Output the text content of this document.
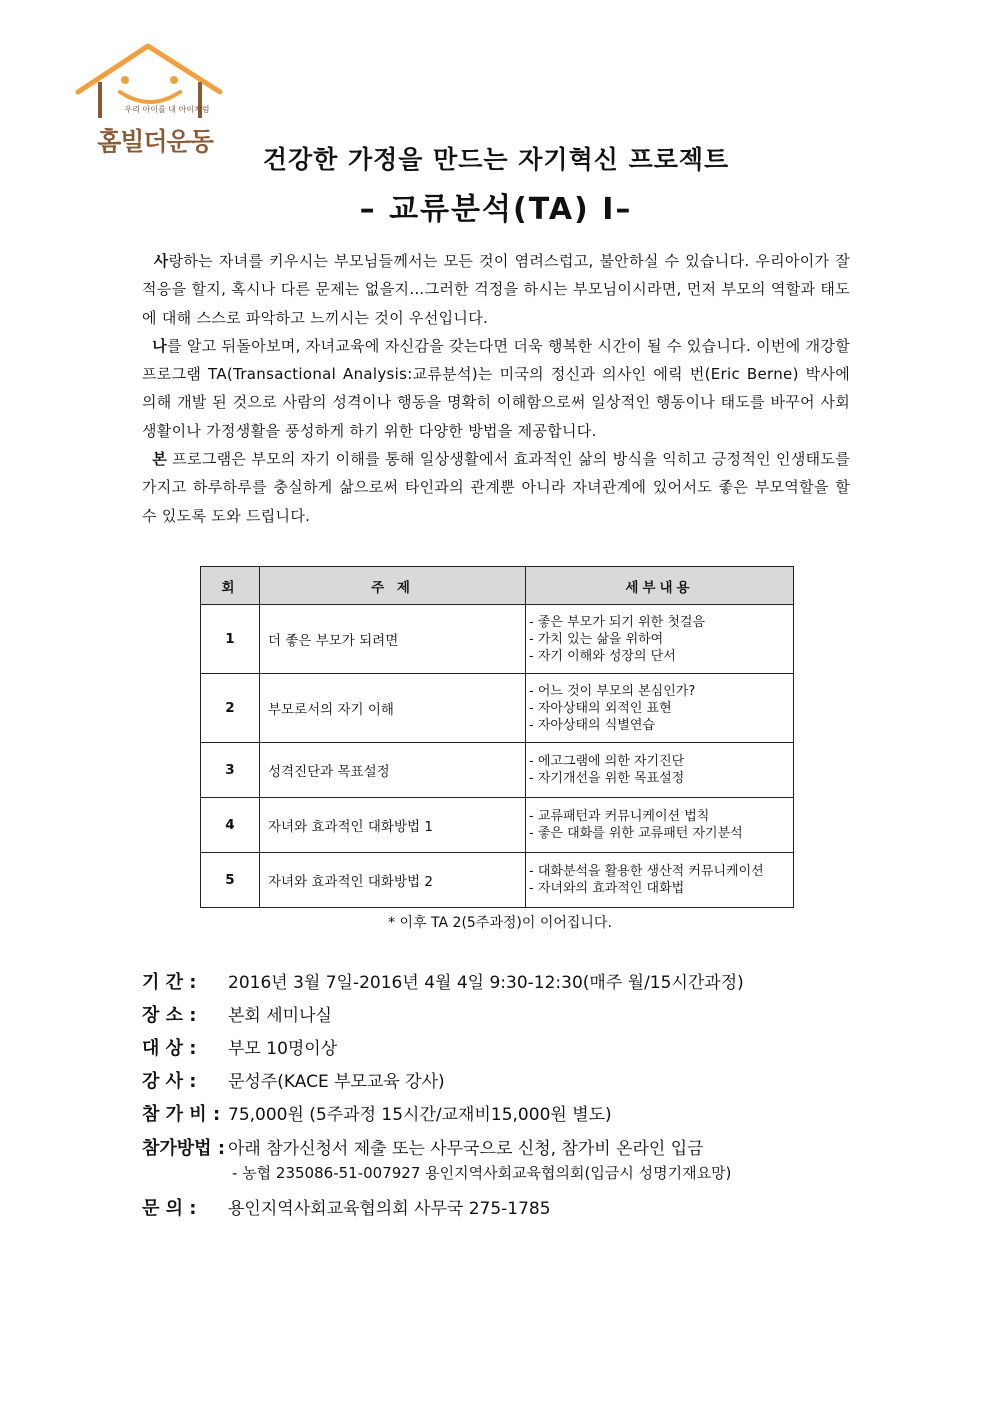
우리 아이를 내 아이처럼
홈빌더운동
건강한 가정을 만드는 자기혁신 프로젝트
– 교류분석(TA) Ⅰ–

사랑하는 자녀를 키우시는 부모님들께서는 모든 것이 염려스럽고, 불안하실 수 있습니다. 우리아이가 잘 적응을 할지, 혹시나 다른 문제는 없을지…그러한 걱정을 하시는 부모님이시라면, 먼저 부모의 역할과 태도에 대해 스스로 파악하고 느끼시는 것이 우선입니다.

나를 알고 뒤돌아보며, 자녀교육에 자신감을 갖는다면 더욱 행복한 시간이 될 수 있습니다. 이번에 개강할 프로그램 TA(Transactional Analysis:교류분석)는 미국의 정신과 의사인 에릭 번(Eric Berne) 박사에 의해 개발 된 것으로 사람의 성격이나 행동을 명확히 이해함으로써 일상적인 행동이나 태도를 바꾸어 사회생활이나 가정생활을 풍성하게 하기 위한 다양한 방법을 제공합니다.

본 프로그램은 부모의 자기 이해를 통해 일상생활에서 효과적인 삶의 방식을 익히고 긍정적인 인생태도를 가지고 하루하루를 충실하게 삶으로써 타인과의 관계뿐 아니라 자녀관계에 있어서도 좋은 부모역할을 할 수 있도록 도와 드립니다.

회	주 제	세부내용
1	더 좋은 부모가 되려면	- 좋은 부모가 되기 위한 첫걸음
- 가치 있는 삶을 위하여
- 자기 이해와 성장의 단서

2	부모로서의 자기 이해	- 어느 것이 부모의 본심인가?
- 자아상태의 외적인 표현
- 자아상태의 식별연습

3	성격진단과 목표설정	- 에고그램에 의한 자기진단
- 자기개선을 위한 목표설정

4	자녀와 효과적인 대화방법 1	- 교류패턴과 커뮤니케이션 법칙
- 좋은 대화를 위한 교류패턴 자기분석

5	자녀와 효과적인 대화방법 2	- 대화분석을 활용한 생산적 커뮤니케이션
- 자녀와의 효과적인 대화법
* 이후 TA 2(5주과정)이 이어집니다.
기 간 : 2016년 3월 7일-2016년 4월 4일 9:30-12:30(매주 월/15시간과정)
장 소 : 본회 세미나실
대 상 : 부모 10명이상
강 사 : 문성주(KACE 부모교육 강사)
참 가 비 : 75,000원 (5주과정 15시간/교재비15,000원 별도)
참가방법 : 아래 참가신청서 제출 또는 사무국으로 신청, 참가비 온라인 입금
- 농협 235086-51-007927 용인지역사회교육협의회(입금시 성명기재요망)
문 의 : 용인지역사회교육협의회 사무국 275-1785
